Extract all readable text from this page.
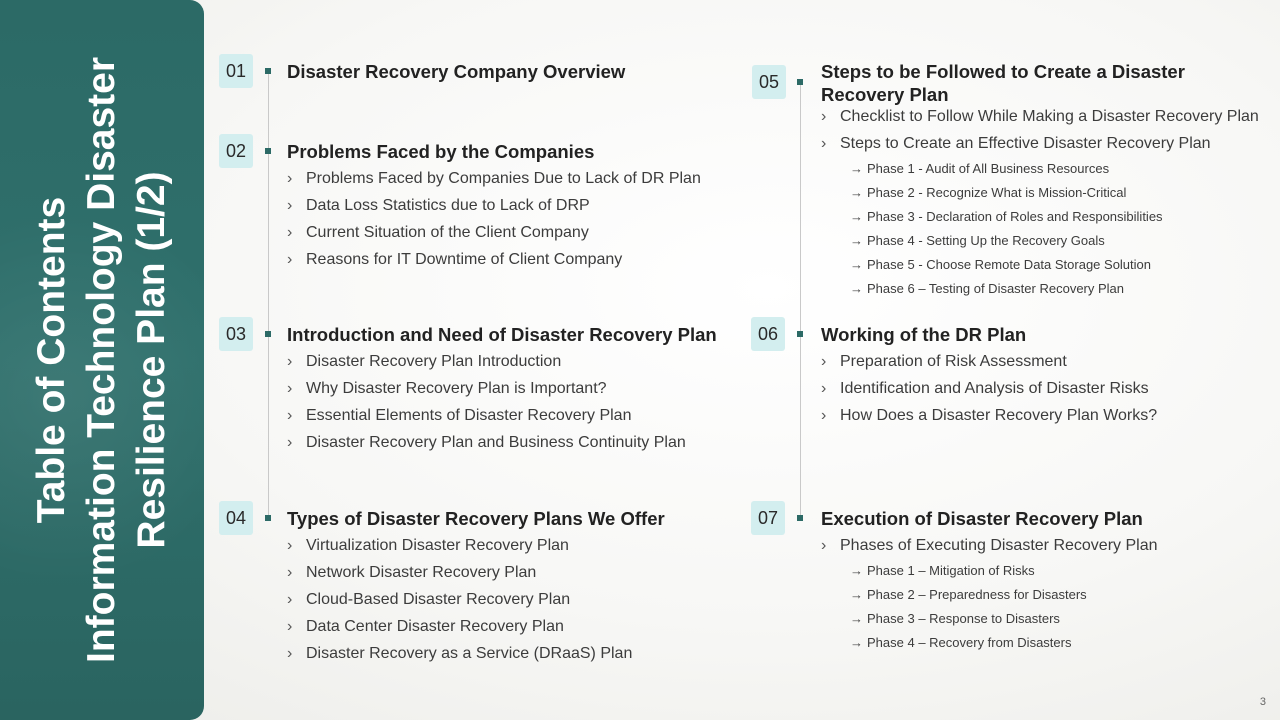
Table of Contents Information Technology Disaster Resilience Plan (1/2)
01	Disaster Recovery Company Overview
02	Problems Faced by the Companies
› Problems Faced by Companies Due to Lack of DR Plan
› Data Loss Statistics due to Lack of DRP
› Current Situation of the Client Company
› Reasons for IT Downtime of Client Company
03	Introduction and Need of Disaster Recovery Plan
› Disaster Recovery Plan Introduction
› Why Disaster Recovery Plan is Important?
› Essential Elements of Disaster Recovery Plan
› Disaster Recovery Plan and Business Continuity Plan
04	Types of Disaster Recovery Plans We Offer
› Virtualization Disaster Recovery Plan
› Network Disaster Recovery Plan
› Cloud-Based Disaster Recovery Plan
› Data Center Disaster Recovery Plan
› Disaster Recovery as a Service (DRaaS) Plan
05	Steps to be Followed to Create a Disaster
Recovery Plan
› Checklist to Follow While Making a Disaster Recovery Plan
› Steps to Create an Effective Disaster Recovery Plan
→ Phase 1 - Audit of All Business Resources
→ Phase 2 - Recognize What is Mission-Critical
→ Phase 3 - Declaration of Roles and Responsibilities
→ Phase 4 - Setting Up the Recovery Goals
→ Phase 5 - Choose Remote Data Storage Solution
→ Phase 6 – Testing of Disaster Recovery Plan
06	Working of the DR Plan
› Preparation of Risk Assessment
› Identification and Analysis of Disaster Risks
› How Does a Disaster Recovery Plan Works?
07	Execution of Disaster Recovery Plan
› Phases of Executing Disaster Recovery Plan
→ Phase 1 – Mitigation of Risks
→ Phase 2 – Preparedness for Disasters
→ Phase 3 – Response to Disasters
→ Phase 4 – Recovery from Disasters
3
